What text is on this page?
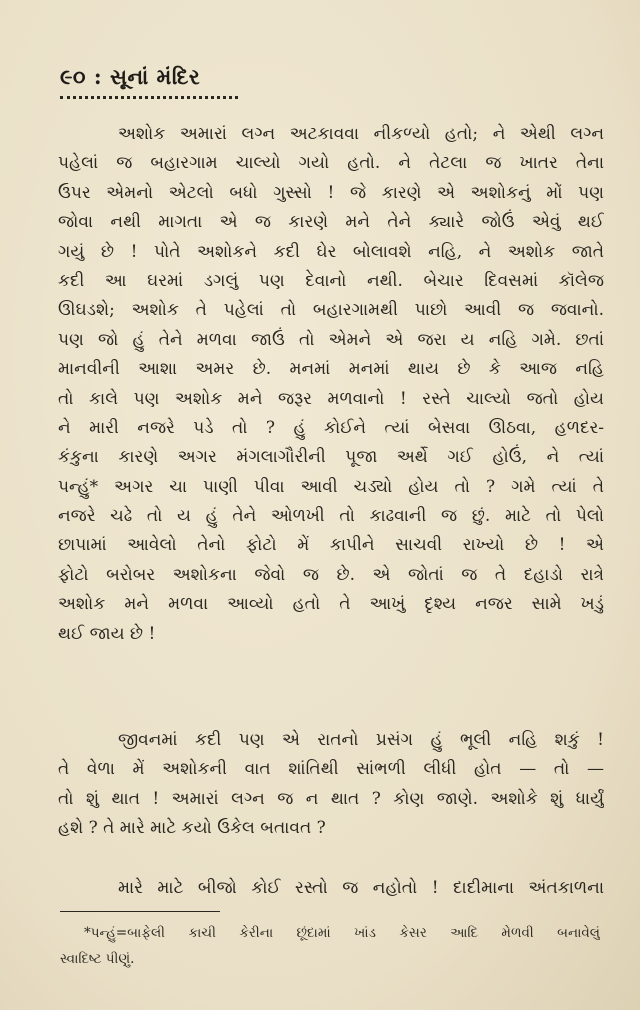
૯૦ : સૂનાં મંદિર
અશોક અમારાં લગ્ન અટકાવવા નીકળ્યો હતો; ને એથી લગ્ન
પહેલાં જ બહારગામ ચાલ્યો ગયો હતો. ને તેટલા જ ખાતર તેના
ઉપર એમનો એટલો બધો ગુસ્સો ! જે કારણે એ અશોકનું મોં પણ
જોવા નથી માગતા એ જ કારણે મને તેને ક્યારે જોઉં એવું થઈ
ગયું છે ! પોતે અશોકને કદી ઘેર બોલાવશે નહિ, ને અશોક જાતે
કદી આ ઘરમાં ડગલું પણ દેવાનો નથી. બેચાર દિવસમાં કૉલેજ
ઊઘડશે; અશોક તે પહેલાં તો બહારગામથી પાછો આવી જ જવાનો.
પણ જો હું તેને મળવા જાઉં તો એમને એ જરા ય નહિ ગમે. છતાં
માનવીની આશા અમર છે. મનમાં મનમાં થાય છે કે આજ નહિ
તો કાલે પણ અશોક મને જરૂર મળવાનો ! રસ્તે ચાલ્યો જતો હોય
ને મારી નજરે પડે તો ? હું કોઈને ત્યાં બેસવા ઊઠવા, હળદર-
કંકુના કારણે અગર મંગલાગૌરીની પૂજા અર્થે ગઈ હોઉં, ને ત્યાં
પન્હું* અગર ચા પાણી પીવા આવી ચડ્યો હોય તો ? ગમે ત્યાં તે
નજરે ચઢે તો ય હું તેને ઓળખી તો કાઢવાની જ છું. માટે તો પેલો
છાપામાં આવેલો તેનો ફોટો મેં કાપીને સાચવી રાખ્યો છે ! એ
ફોટો બરોબર અશોકના જેવો જ છે. એ જોતાં જ તે દહાડો રાત્રે
અશોક મને મળવા આવ્યો હતો તે આખું દૃશ્ય નજર સામે ખડું
થઈ જાય છે !
જીવનમાં કદી પણ એ રાતનો પ્રસંગ હું ભૂલી નહિ શકું !
તે વેળા મેં અશોકની વાત શાંતિથી સાંભળી લીધી હોત — તો —
તો શું થાત ! અમારાં લગ્ન જ ન થાત ? કોણ જાણે. અશોકે શું ધાર્યું
હશે ? તે મારે માટે કયો ઉકેલ બતાવત ?
મારે માટે બીજો કોઈ રસ્તો જ નહોતો ! દાદીમાના અંતકાળના
*પન્હું=બાફેલી કાચી કેરીના છૂંદામાં ખાંડ કેસર આદિ મેળવી બનાવેલું
સ્વાદિષ્ટ પીણું.
